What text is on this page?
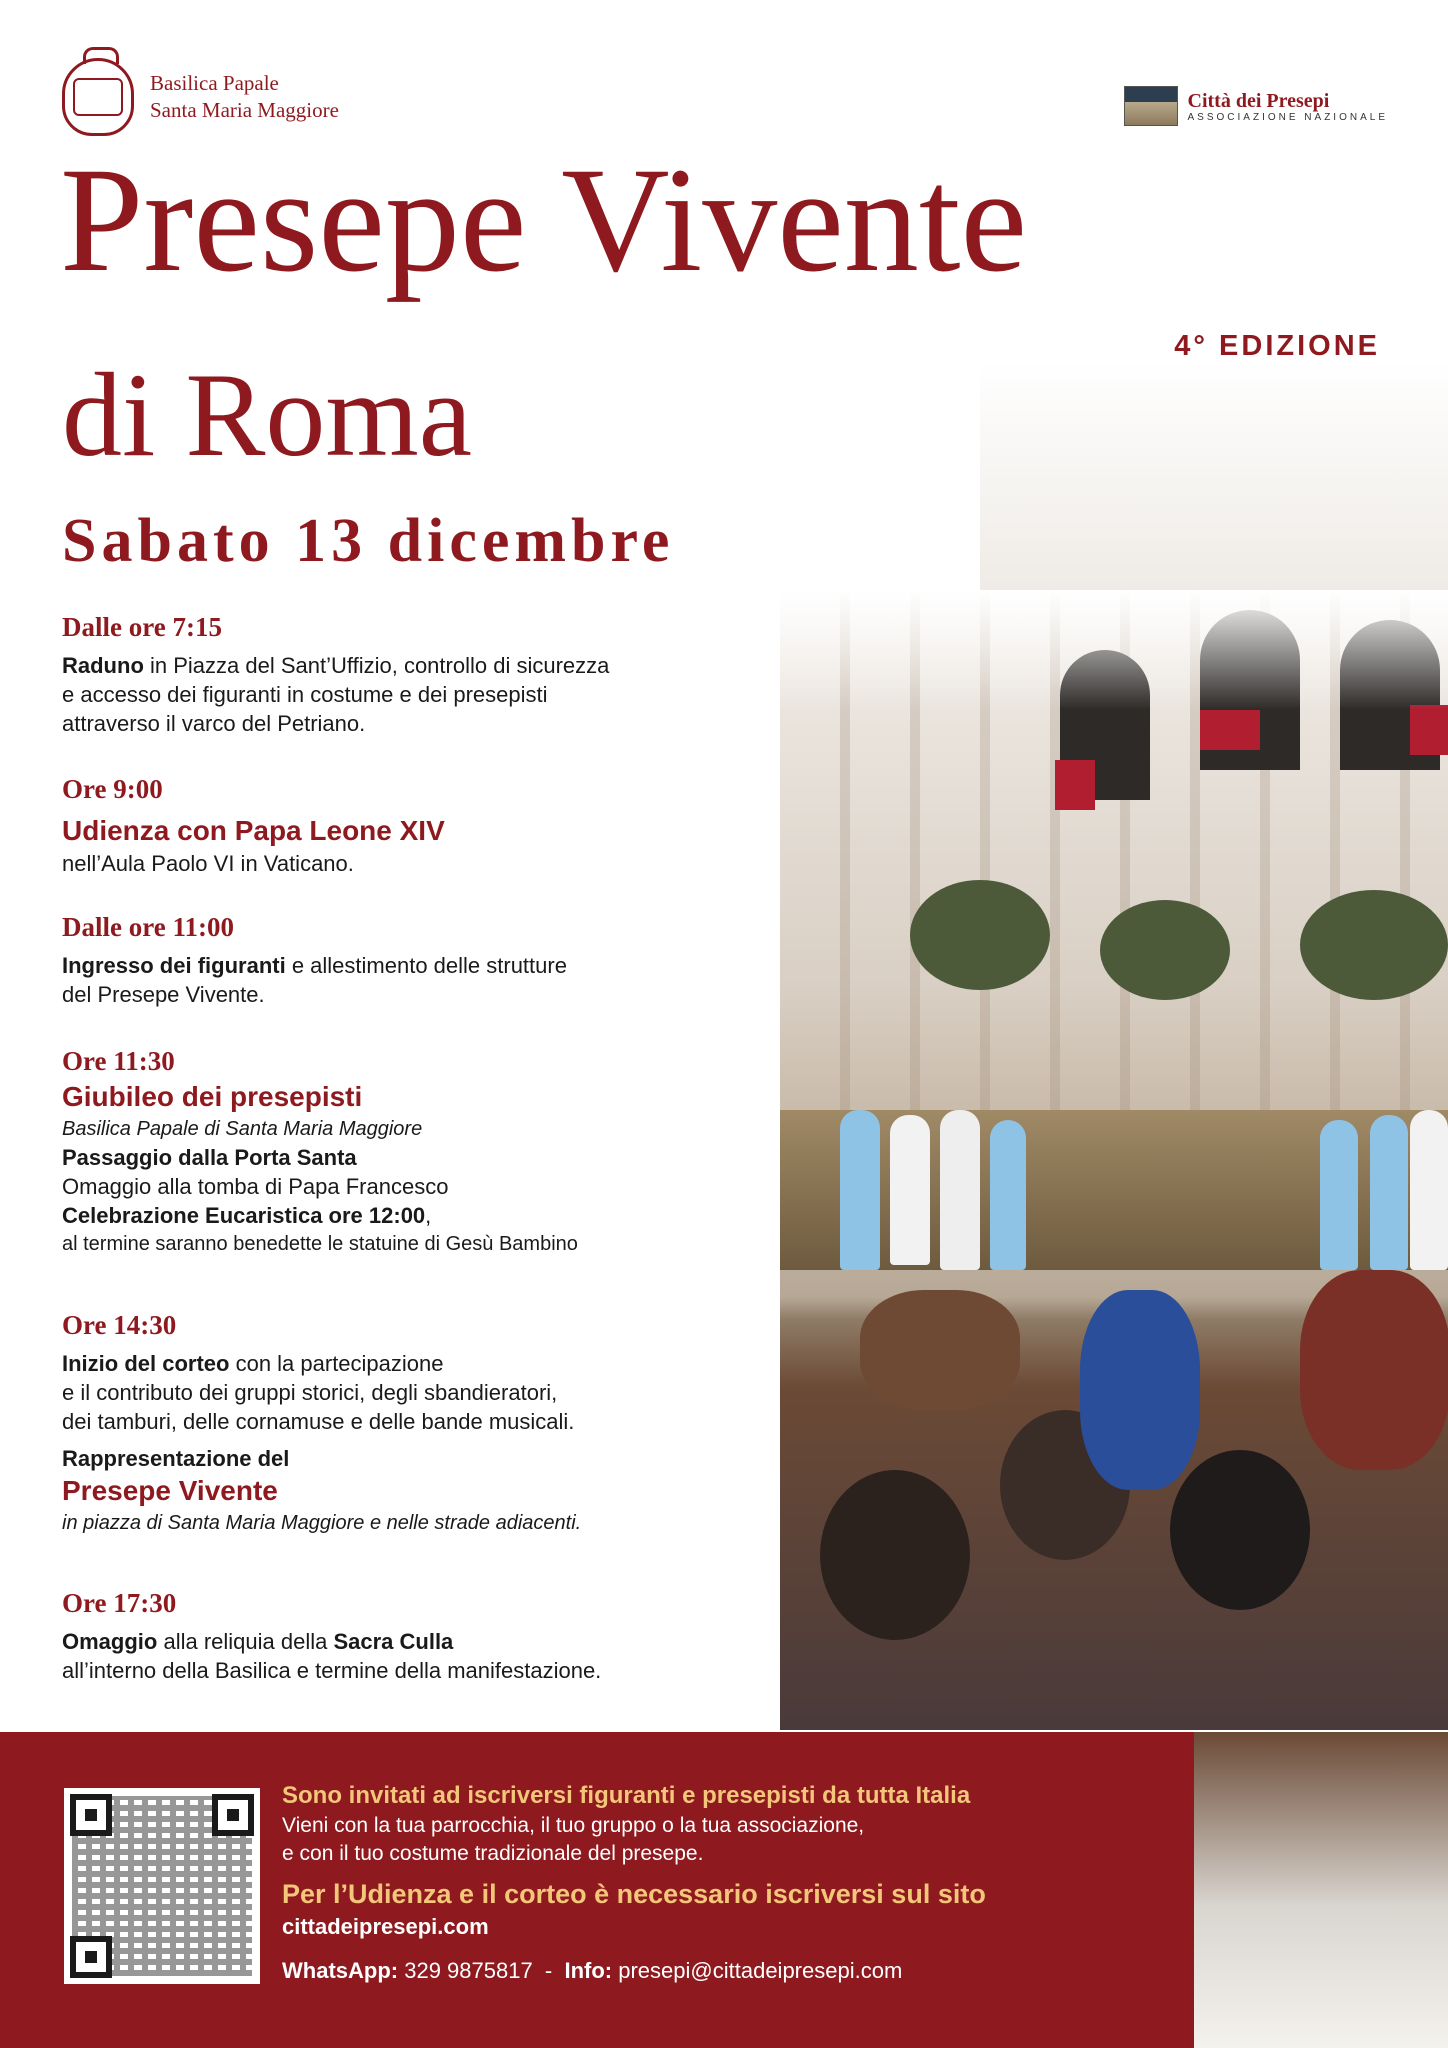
Basilica Papale
Santa Maria Maggiore	Città dei Presepi
ASSOCIAZIONE NAZIONALE
Presepe Vivente
4° EDIZIONE
di Roma
Sabato 13 dicembre
Dalle ore 7:15
Raduno in Piazza del Sant’Uffizio, controllo di sicurezza
e accesso dei figuranti in costume e dei presepisti
attraverso il varco del Petriano.
Ore 9:00
Udienza con Papa Leone XIV
nell’Aula Paolo VI in Vaticano.
Dalle ore 11:00
Ingresso dei figuranti e allestimento delle strutture
del Presepe Vivente.
Ore 11:30
Giubileo dei presepisti
Basilica Papale di Santa Maria Maggiore
Passaggio dalla Porta Santa
Omaggio alla tomba di Papa Francesco
Celebrazione Eucaristica ore 12:00,
al termine saranno benedette le statuine di Gesù Bambino
Ore 14:30
Inizio del corteo con la partecipazione
e il contributo dei gruppi storici, degli sbandieratori,
dei tamburi, delle cornamuse e delle bande musicali.
Rappresentazione del
Presepe Vivente
in piazza di Santa Maria Maggiore e nelle strade adiacenti.
Ore 17:30
Omaggio alla reliquia della Sacra Culla
all’interno della Basilica e termine della manifestazione.
Sono invitati ad iscriversi figuranti e presepisti da tutta Italia
Vieni con la tua parrocchia, il tuo gruppo o la tua associazione,
e con il tuo costume tradizionale del presepe.
Per l’Udienza e il corteo è necessario iscriversi sul sito
cittadeipresepi.com
WhatsApp: 329 9875817  -  Info: presepi@cittadeipresepi.com
